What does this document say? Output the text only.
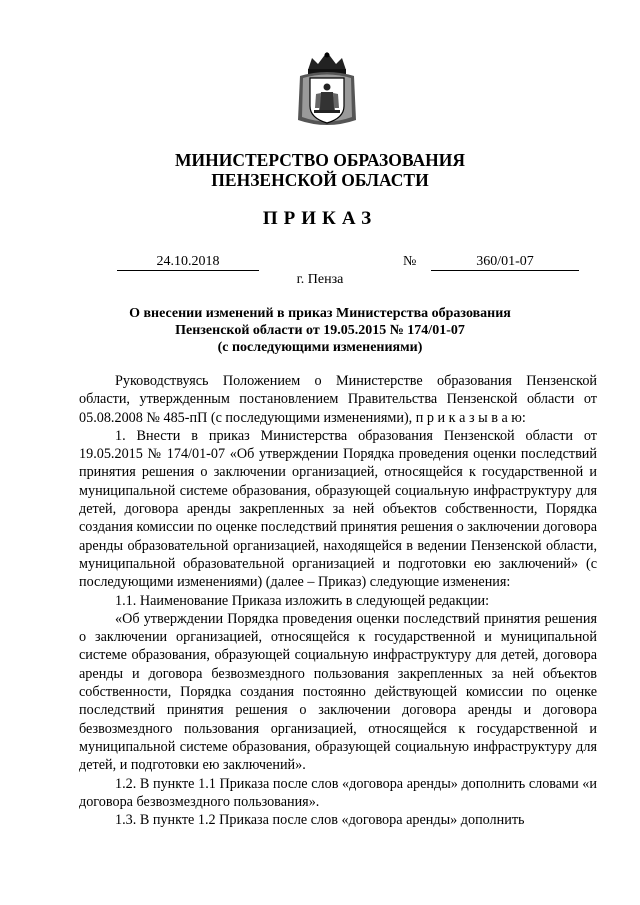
МИНИСТЕРСТВО ОБРАЗОВАНИЯ
ПЕНЗЕНСКОЙ ОБЛАСТИ
ПРИКАЗ
24.10.2018	№	360/01-07
г. Пенза
О внесении изменений в приказ Министерства образования
Пензенской области от 19.05.2015 № 174/01-07
(с последующими изменениями)

Руководствуясь Положением о Министерстве образования Пензенской области, утвержденным постановлением Правительства Пензенской области от 05.08.2008 № 485-пП (с последующими изменениями), п р и к а з ы в а ю:

1. Внести в приказ Министерства образования Пензенской области от 19.05.2015 № 174/01-07 «Об утверждении Порядка проведения оценки последствий принятия решения о заключении организацией, относящейся к государственной и муниципальной системе образования, образующей социальную инфраструктуру для детей, договора аренды закрепленных за ней объектов собственности, Порядка создания комиссии по оценке последствий принятия решения о заключении договора аренды образовательной организацией, находящейся в ведении Пензенской области, муниципальной образовательной организацией и подготовки ею заключений» (с последующими изменениями) (далее – Приказ) следующие изменения:

1.1. Наименование Приказа изложить в следующей редакции:

«Об утверждении Порядка проведения оценки последствий принятия решения о заключении организацией, относящейся к государственной и муниципальной системе образования, образующей социальную инфраструктуру для детей, договора аренды и договора безвозмездного пользования закрепленных за ней объектов собственности, Порядка создания постоянно действующей комиссии по оценке последствий принятия решения о заключении договора аренды и договора безвозмездного пользования организацией, относящейся к государственной и муниципальной системе образования, образующей социальную инфраструктуру для детей, и подготовки ею заключений».

1.2. В пункте 1.1 Приказа после слов «договора аренды» дополнить словами «и договора безвозмездного пользования».

1.3. В пункте 1.2 Приказа после слов «договора аренды» дополнить
